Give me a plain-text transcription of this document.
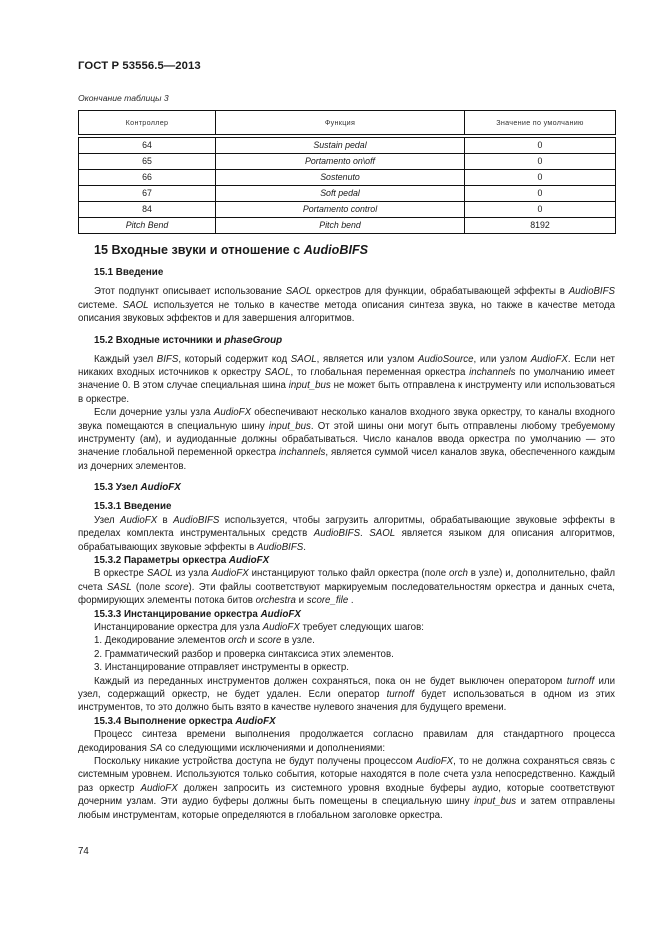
ГОСТ Р 53556.5—2013
Окончание таблицы 3
Контроллер	Функция	Значение по умолчанию
64	Sustain pedal	0
65	Portamento on\off	0
66	Sostenuto	0
67	Soft pedal	0
84	Portamento control	0
Pitch Bend	Pitch bend	8192
15 Входные звуки и отношение с AudioBIFS
15.1 Введение

Этот подпункт описывает использование SAOL оркестров для функции, обрабатывающей эффекты в AudioBIFS системе. SAOL используется не только в качестве метода описания синтеза звука, но также в качестве метода описания звуковых эффектов и для завершения алгоритмов.

15.2 Входные источники и phaseGroup

Каждый узел BIFS, который содержит код SAOL, является или узлом AudioSource, или узлом AudioFX. Если нет никаких входных источников к оркестру SAOL, то глобальная переменная оркестра inchannels по умолчанию имеет значение 0. В этом случае специальная шина input_bus не может быть отправлена к инструменту или использоваться в оркестре.

Если дочерние узлы узла AudioFX обеспечивают несколько каналов входного звука оркестру, то каналы входного звука помещаются в специальную шину input_bus. От этой шины они могут быть отправлены любому требуемому инструменту (ам), и аудиоданные должны обрабатываться. Число каналов ввода оркестра по умолчанию — это значение глобальной переменной оркестра inchannels, является суммой чисел каналов звука, обеспеченного каждым из дочерних элементов.

15.3 Узел AudioFX
15.3.1 Введение

Узел AudioFX в AudioBIFS используется, чтобы загрузить алгоритмы, обрабатывающие звуковые эффекты в пределах комплекта инструментальных средств AudioBIFS. SAOL является языком для описания алгоритмов, обрабатывающих звуковые эффекты в AudioBIFS.

15.3.2 Параметры оркестра AudioFX

В оркестре SAOL из узла AudioFX инстанцируют только файл оркестра (поле orch в узле) и, дополнительно, файл счета SASL (поле score). Эти файлы соответствуют маркируемым последовательностям оркестра и данных счета, формирующих элементы потока битов orchestra и score_file .

15.3.3 Инстанцирование оркестра AudioFX
Инстанцирование оркестра для узла AudioFX требует следующих шагов:
1. Декодирование элементов orch и score в узле.
2. Грамматический разбор и проверка синтаксиса этих элементов.
3. Инстанцирование отправляет инструменты в оркестр.

Каждый из переданных инструментов должен сохраняться, пока он не будет выключен оператором turnoff или узел, содержащий оркестр, не будет удален. Если оператор turnoff будет использоваться в одном из этих инструментов, то это должно быть взято в качестве нулевого значения для будущего времени.

15.3.4 Выполнение оркестра AudioFX

Процесс синтеза времени выполнения продолжается согласно правилам для стандартного процесса декодирования SA со следующими исключениями и дополнениями:

Поскольку никакие устройства доступа не будут получены процессом AudioFX, то не должна сохраняться связь с системным уровнем. Используются только события, которые находятся в поле счета узла непосредственно. Каждый раз оркестр AudioFX должен запросить из системного уровня входные буферы аудио, которые соответствуют дочерним узлам. Эти аудио буферы должны быть помещены в специальную шину input_bus и затем отправлены любым инструментам, которые определяются в глобальном заголовке оркестра.

74
